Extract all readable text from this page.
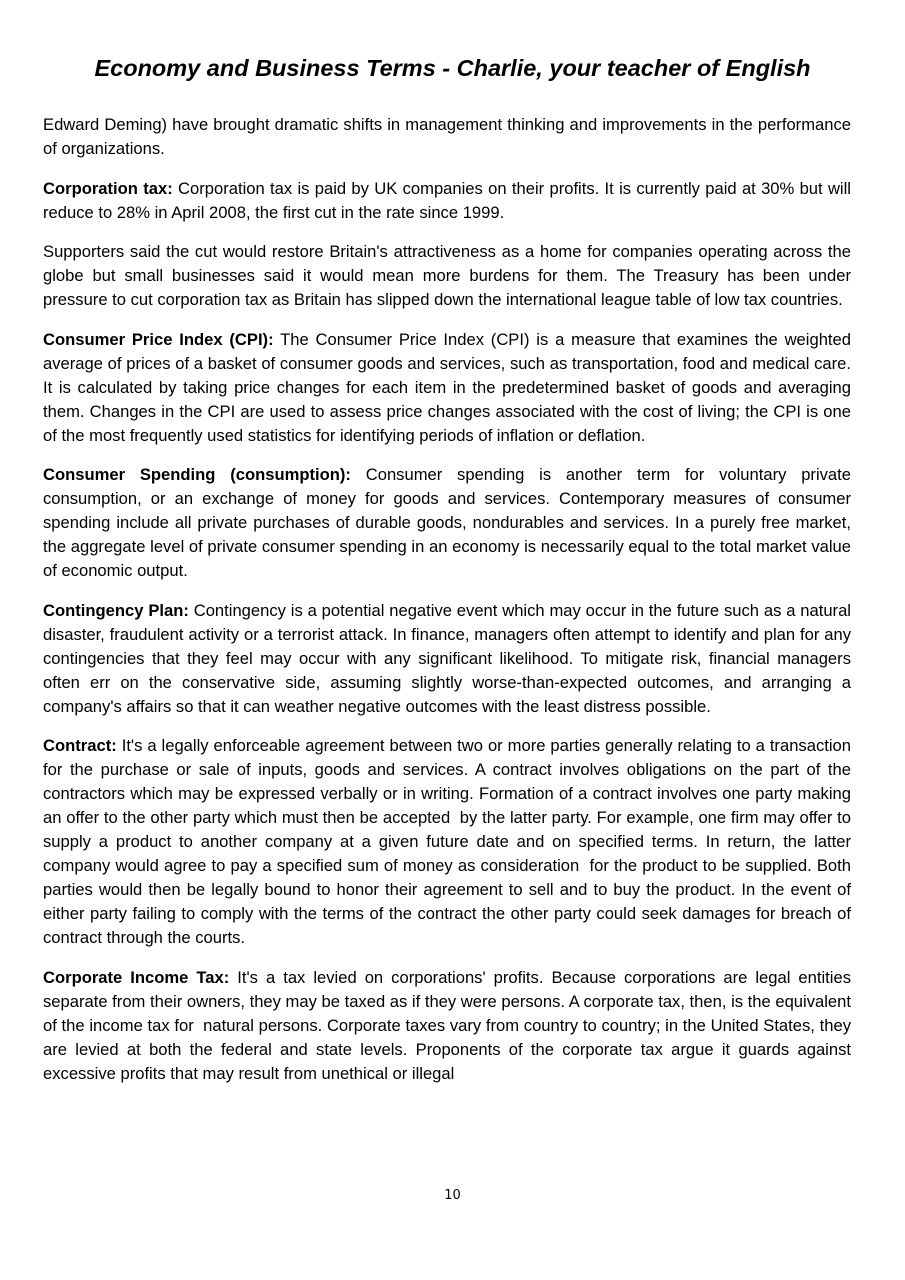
Economy and Business Terms - Charlie, your teacher of English

Edward Deming) have brought dramatic shifts in management thinking and improvements in the performance of organizations.

Corporation tax: Corporation tax is paid by UK companies on their profits. It is currently paid at 30% but will reduce to 28% in April 2008, the first cut in the rate since 1999.

Supporters said the cut would restore Britain's attractiveness as a home for companies operating across the globe but small businesses said it would mean more burdens for them. The Treasury has been under pressure to cut corporation tax as Britain has slipped down the international league table of low tax countries.

Consumer Price Index (CPI): The Consumer Price Index (CPI) is a measure that examines the weighted average of prices of a basket of consumer goods and services, such as transportation, food and medical care. It is calculated by taking price changes for each item in the predetermined basket of goods and averaging them. Changes in the CPI are used to assess price changes associated with the cost of living; the CPI is one of the most frequently used statistics for identifying periods of inflation or deflation.

Consumer Spending (consumption): Consumer spending is another term for voluntary private consumption, or an exchange of money for goods and services. Contemporary measures of consumer spending include all private purchases of durable goods, nondurables and services. In a purely free market, the aggregate level of private consumer spending in an economy is necessarily equal to the total market value of economic output.

Contingency Plan: Contingency is a potential negative event which may occur in the future such as a natural disaster, fraudulent activity or a terrorist attack. In finance, managers often attempt to identify and plan for any contingencies that they feel may occur with any significant likelihood. To mitigate risk, financial managers often err on the conservative side, assuming slightly worse-than-expected outcomes, and arranging a company's affairs so that it can weather negative outcomes with the least distress possible.

Contract: It's a legally enforceable agreement between two or more parties generally relating to a transaction for the purchase or sale of inputs, goods and services. A contract involves obligations on the part of the contractors which may be expressed verbally or in writing. Formation of a contract involves one party making an offer to the other party which must then be accepted  by the latter party. For example, one firm may offer to supply a product to another company at a given future date and on specified terms. In return, the latter company would agree to pay a specified sum of money as consideration  for the product to be supplied. Both parties would then be legally bound to honor their agreement to sell and to buy the product. In the event of either party failing to comply with the terms of the contract the other party could seek damages for breach of contract through the courts.

Corporate Income Tax: It's a tax levied on corporations' profits. Because corporations are legal entities separate from their owners, they may be taxed as if they were persons. A corporate tax, then, is the equivalent of the income tax for  natural persons. Corporate taxes vary from country to country; in the United States, they are levied at both the federal and state levels. Proponents of the corporate tax argue it guards against excessive profits that may result from unethical or illegal

10
